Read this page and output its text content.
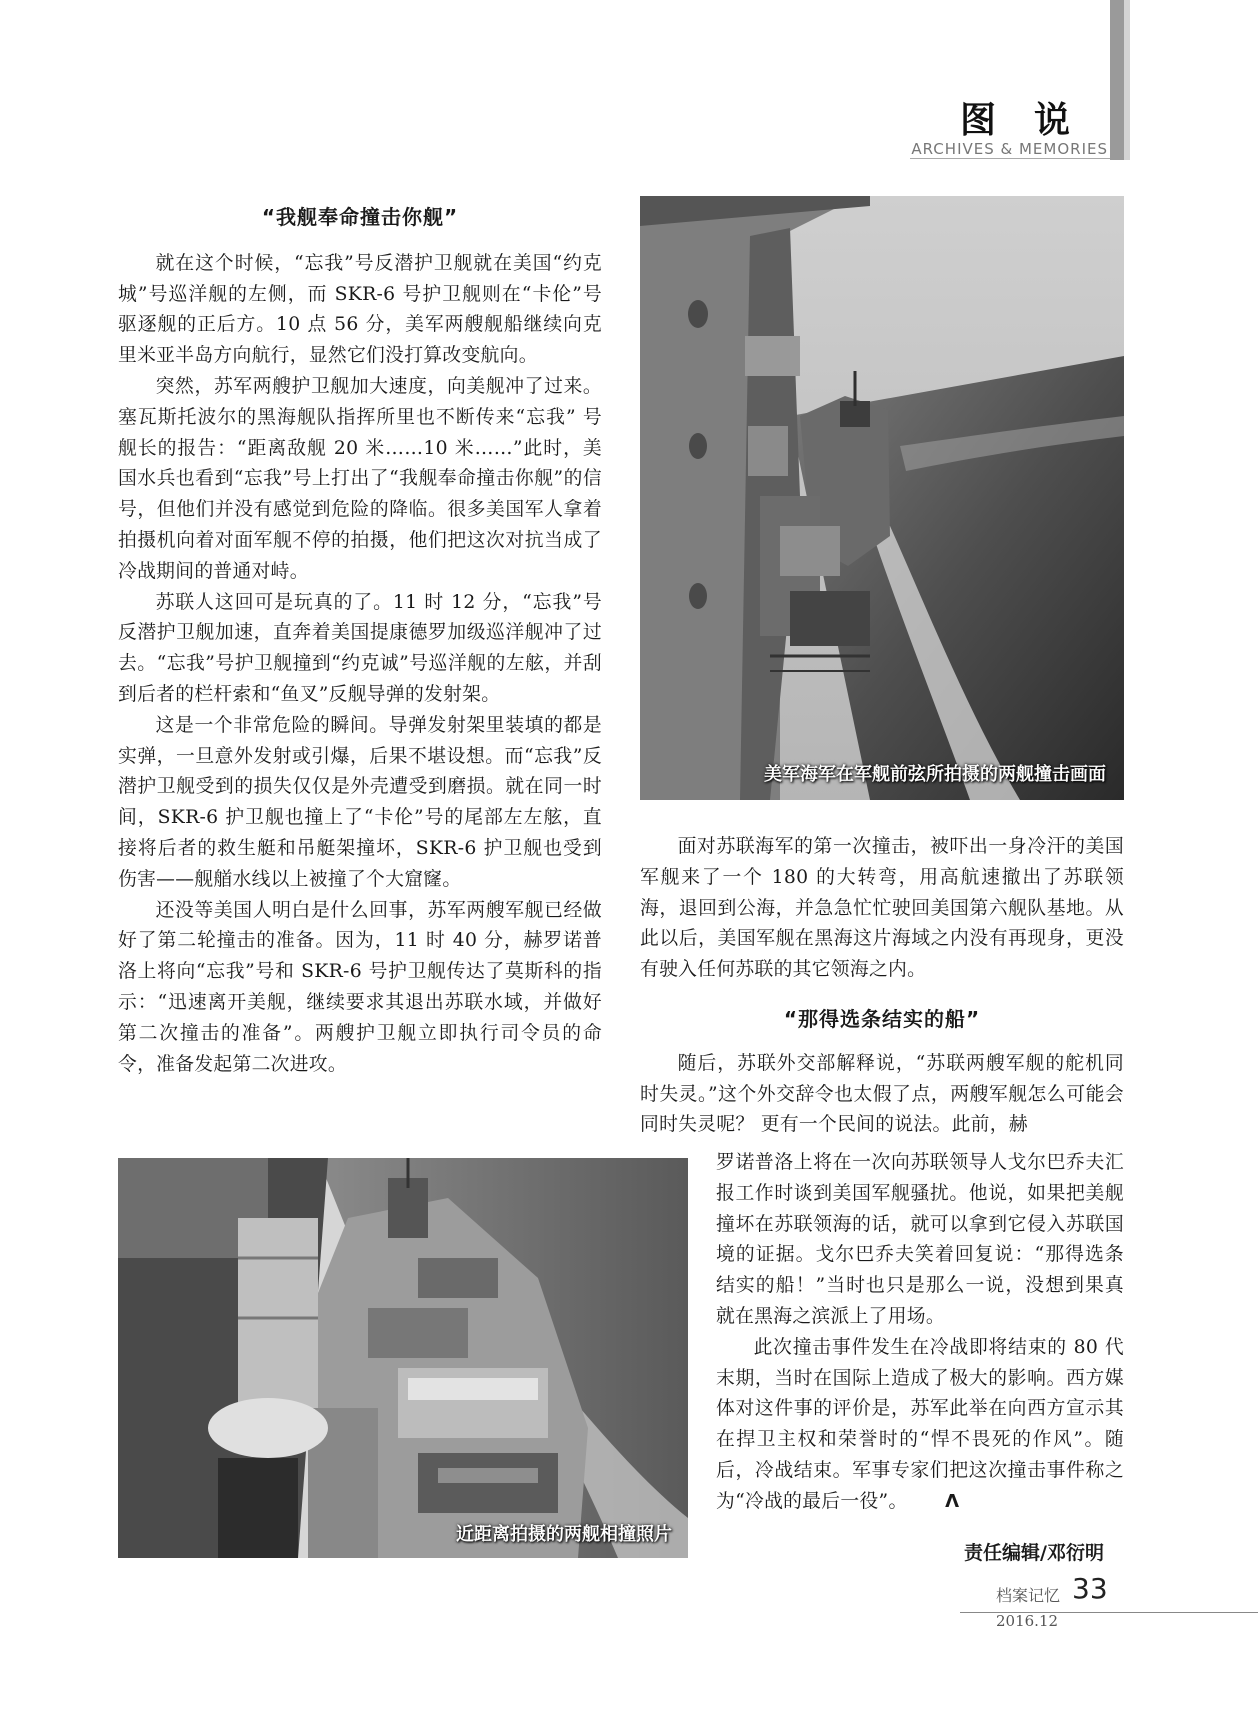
图说
ARCHIVES & MEMORIES
“我舰奉命撞击你舰”

就在这个时候，“忘我”号反潜护卫舰就在美国“约克城”号巡洋舰的左侧，而 SKR-6 号护卫舰则在“卡伦”号驱逐舰的正后方。10 点 56 分，美军两艘舰船继续向克里米亚半岛方向航行，显然它们没打算改变航向。

突然，苏军两艘护卫舰加大速度，向美舰冲了过来。塞瓦斯托波尔的黑海舰队指挥所里也不断传来“忘我” 号舰长的报告：“距离敌舰 20 米……10 米……”此时，美国水兵也看到“忘我”号上打出了“我舰奉命撞击你舰”的信号，但他们并没有感觉到危险的降临。很多美国军人拿着拍摄机向着对面军舰不停的拍摄，他们把这次对抗当成了冷战期间的普通对峙。

苏联人这回可是玩真的了。11 时 12 分，“忘我”号反潜护卫舰加速，直奔着美国提康德罗加级巡洋舰冲了过去。“忘我”号护卫舰撞到“约克诚”号巡洋舰的左舷，并刮到后者的栏杆索和“鱼叉”反舰导弹的发射架。

这是一个非常危险的瞬间。导弹发射架里装填的都是实弹，一旦意外发射或引爆，后果不堪设想。而“忘我”反潜护卫舰受到的损失仅仅是外壳遭受到磨损。就在同一时间，SKR-6 护卫舰也撞上了“卡伦”号的尾部左左舷，直接将后者的救生艇和吊艇架撞坏，SKR-6 护卫舰也受到伤害——舰艏水线以上被撞了个大窟窿。

还没等美国人明白是什么回事，苏军两艘军舰已经做好了第二轮撞击的准备。因为，11 时 40 分，赫罗诺普洛上将向“忘我”号和 SKR-6 号护卫舰传达了莫斯科的指示：“迅速离开美舰，继续要求其退出苏联水域，并做好第二次撞击的准备”。两艘护卫舰立即执行司令员的命令，准备发起第二次进攻。

美军海军在军舰前弦所拍摄的两舰撞击画面

面对苏联海军的第一次撞击，被吓出一身冷汗的美国军舰来了一个 180 的大转弯，用高航速撤出了苏联领海，退回到公海，并急急忙忙驶回美国第六舰队基地。从此以后，美国军舰在黑海这片海域之内没有再现身，更没有驶入任何苏联的其它领海之内。

“那得选条结实的船”

随后，苏联外交部解释说，“苏联两艘军舰的舵机同时失灵。”这个外交辞令也太假了点，两艘军舰怎么可能会同时失灵呢？ 更有一个民间的说法。此前，赫

罗诺普洛上将在一次向苏联领导人戈尔巴乔夫汇报工作时谈到美国军舰骚扰。他说，如果把美舰撞坏在苏联领海的话，就可以拿到它侵入苏联国境的证据。戈尔巴乔夫笑着回复说：“那得选条结实的船！”当时也只是那么一说，没想到果真就在黑海之滨派上了用场。

此次撞击事件发生在冷战即将结束的 80 代末期，当时在国际上造成了极大的影响。西方媒体对这件事的评价是，苏军此举在向西方宣示其在捍卫主权和荣誉时的“悍不畏死的作风”。随后，冷战结束。军事专家们把这次撞击事件称之为“冷战的最后一役”。 Λ

责任编辑/邓衍明
近距离拍摄的两舰相撞照片
档案记忆 33
2016.12
